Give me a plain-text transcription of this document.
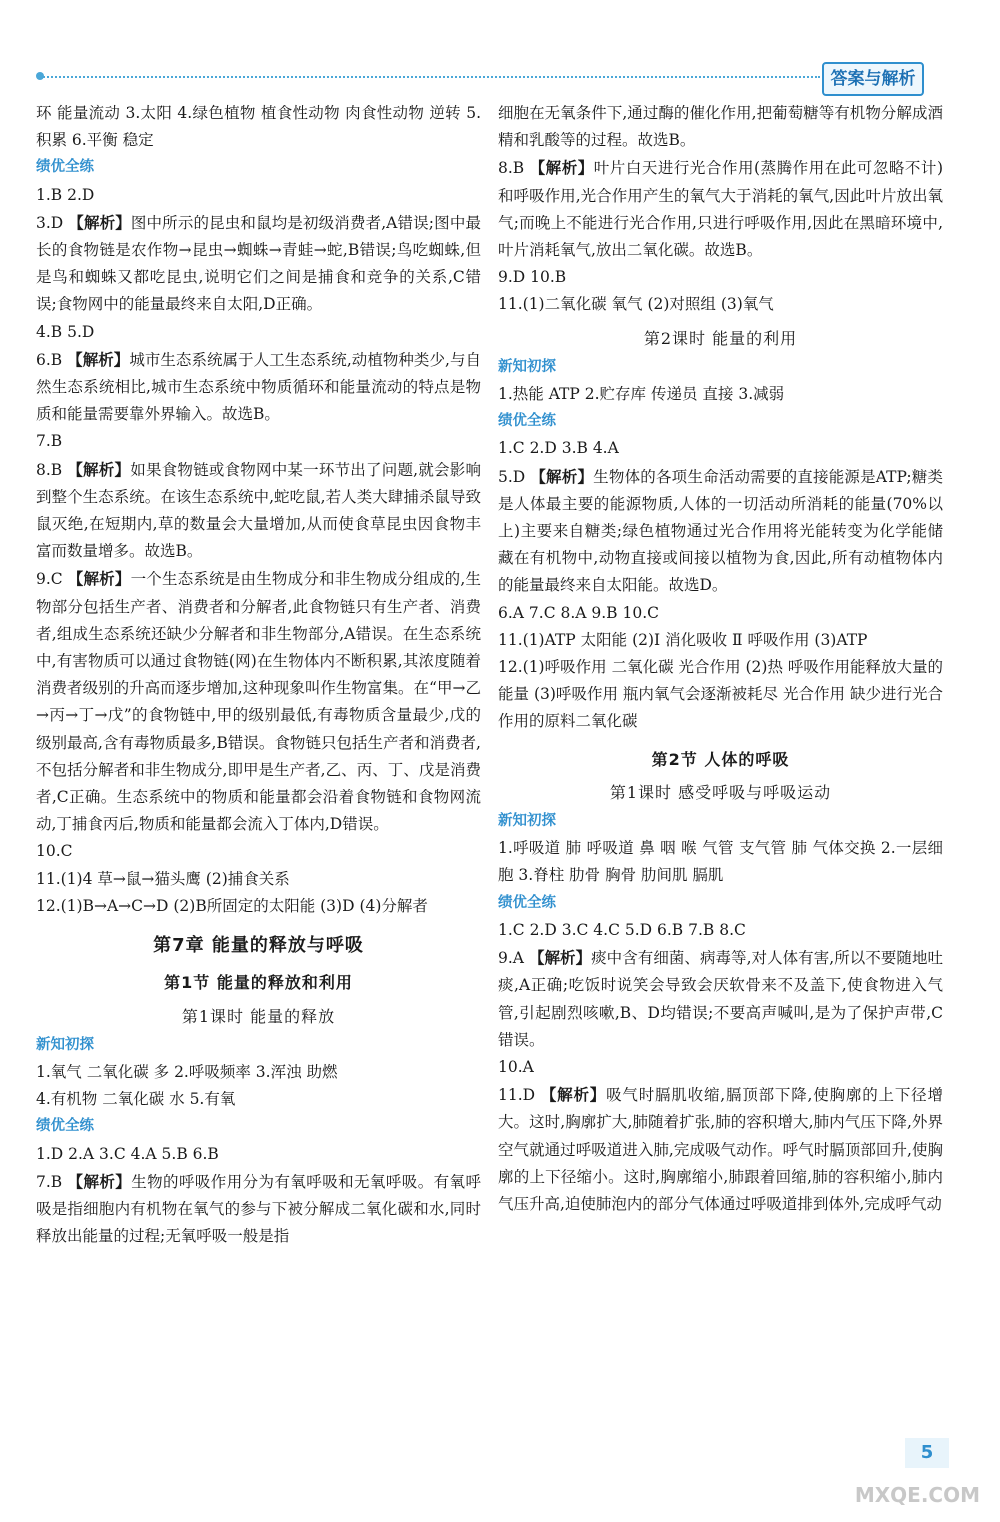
答案与解析

环 能量流动 3.太阳 4.绿色植物 植食性动物 肉食性动物 逆转 5.积累 6.平衡 稳定

绩优全练

1.B 2.D

3.D 【解析】图中所示的昆虫和鼠均是初级消费者,A错误;图中最长的食物链是农作物→昆虫→蜘蛛→青蛙→蛇,B错误;鸟吃蜘蛛,但是鸟和蜘蛛又都吃昆虫,说明它们之间是捕食和竞争的关系,C错误;食物网中的能量最终来自太阳,D正确。

4.B 5.D

6.B 【解析】城市生态系统属于人工生态系统,动植物种类少,与自然生态系统相比,城市生态系统中物质循环和能量流动的特点是物质和能量需要靠外界输入。故选B。

7.B

8.B 【解析】如果食物链或食物网中某一环节出了问题,就会影响到整个生态系统。在该生态系统中,蛇吃鼠,若人类大肆捕杀鼠导致鼠灭绝,在短期内,草的数量会大量增加,从而使食草昆虫因食物丰富而数量增多。故选B。

9.C 【解析】一个生态系统是由生物成分和非生物成分组成的,生物部分包括生产者、消费者和分解者,此食物链只有生产者、消费者,组成生态系统还缺少分解者和非生物部分,A错误。在生态系统中,有害物质可以通过食物链(网)在生物体内不断积累,其浓度随着消费者级别的升高而逐步增加,这种现象叫作生物富集。在“甲→乙→丙→丁→戊”的食物链中,甲的级别最低,有毒物质含量最少,戊的级别最高,含有毒物质最多,B错误。食物链只包括生产者和消费者,不包括分解者和非生物成分,即甲是生产者,乙、丙、丁、戊是消费者,C正确。生态系统中的物质和能量都会沿着食物链和食物网流动,丁捕食丙后,物质和能量都会流入丁体内,D错误。

10.C

11.(1)4 草→鼠→猫头鹰 (2)捕食关系

12.(1)B→A→C→D (2)B所固定的太阳能 (3)D (4)分解者

第7章 能量的释放与呼吸

第1节 能量的释放和利用

第1课时 能量的释放

新知初探

1.氧气 二氧化碳 多 2.呼吸频率 3.浑浊 助燃

4.有机物 二氧化碳 水 5.有氧

绩优全练

1.D 2.A 3.C 4.A 5.B 6.B

7.B 【解析】生物的呼吸作用分为有氧呼吸和无氧呼吸。有氧呼吸是指细胞内有机物在氧气的参与下被分解成二氧化碳和水,同时释放出能量的过程;无氧呼吸一般是指

细胞在无氧条件下,通过酶的催化作用,把葡萄糖等有机物分解成酒精和乳酸等的过程。故选B。

8.B 【解析】叶片白天进行光合作用(蒸腾作用在此可忽略不计)和呼吸作用,光合作用产生的氧气大于消耗的氧气,因此叶片放出氧气;而晚上不能进行光合作用,只进行呼吸作用,因此在黑暗环境中,叶片消耗氧气,放出二氧化碳。故选B。

9.D 10.B

11.(1)二氧化碳 氧气 (2)对照组 (3)氧气

第2课时 能量的利用

新知初探

1.热能 ATP 2.贮存库 传递员 直接 3.减弱

绩优全练

1.C 2.D 3.B 4.A

5.D 【解析】生物体的各项生命活动需要的直接能源是ATP;糖类是人体最主要的能源物质,人体的一切活动所消耗的能量(70%以上)主要来自糖类;绿色植物通过光合作用将光能转变为化学能储藏在有机物中,动物直接或间接以植物为食,因此,所有动植物体内的能量最终来自太阳能。故选D。

6.A 7.C 8.A 9.B 10.C

11.(1)ATP 太阳能 (2)Ⅰ 消化吸收 Ⅱ 呼吸作用 (3)ATP

12.(1)呼吸作用 二氧化碳 光合作用 (2)热 呼吸作用能释放大量的能量 (3)呼吸作用 瓶内氧气会逐渐被耗尽 光合作用 缺少进行光合作用的原料二氧化碳

第2节 人体的呼吸

第1课时 感受呼吸与呼吸运动

新知初探

1.呼吸道 肺 呼吸道 鼻 咽 喉 气管 支气管 肺 气体交换 2.一层细胞 3.脊柱 肋骨 胸骨 肋间肌 膈肌

绩优全练

1.C 2.D 3.C 4.C 5.D 6.B 7.B 8.C

9.A 【解析】痰中含有细菌、病毒等,对人体有害,所以不要随地吐痰,A正确;吃饭时说笑会导致会厌软骨来不及盖下,使食物进入气管,引起剧烈咳嗽,B、D均错误;不要高声喊叫,是为了保护声带,C错误。

10.A

11.D 【解析】吸气时膈肌收缩,膈顶部下降,使胸廓的上下径增大。这时,胸廓扩大,肺随着扩张,肺的容积增大,肺内气压下降,外界空气就通过呼吸道进入肺,完成吸气动作。呼气时膈顶部回升,使胸廓的上下径缩小。这时,胸廓缩小,肺跟着回缩,肺的容积缩小,肺内气压升高,迫使肺泡内的部分气体通过呼吸道排到体外,完成呼气动

5
MXQE.COM
